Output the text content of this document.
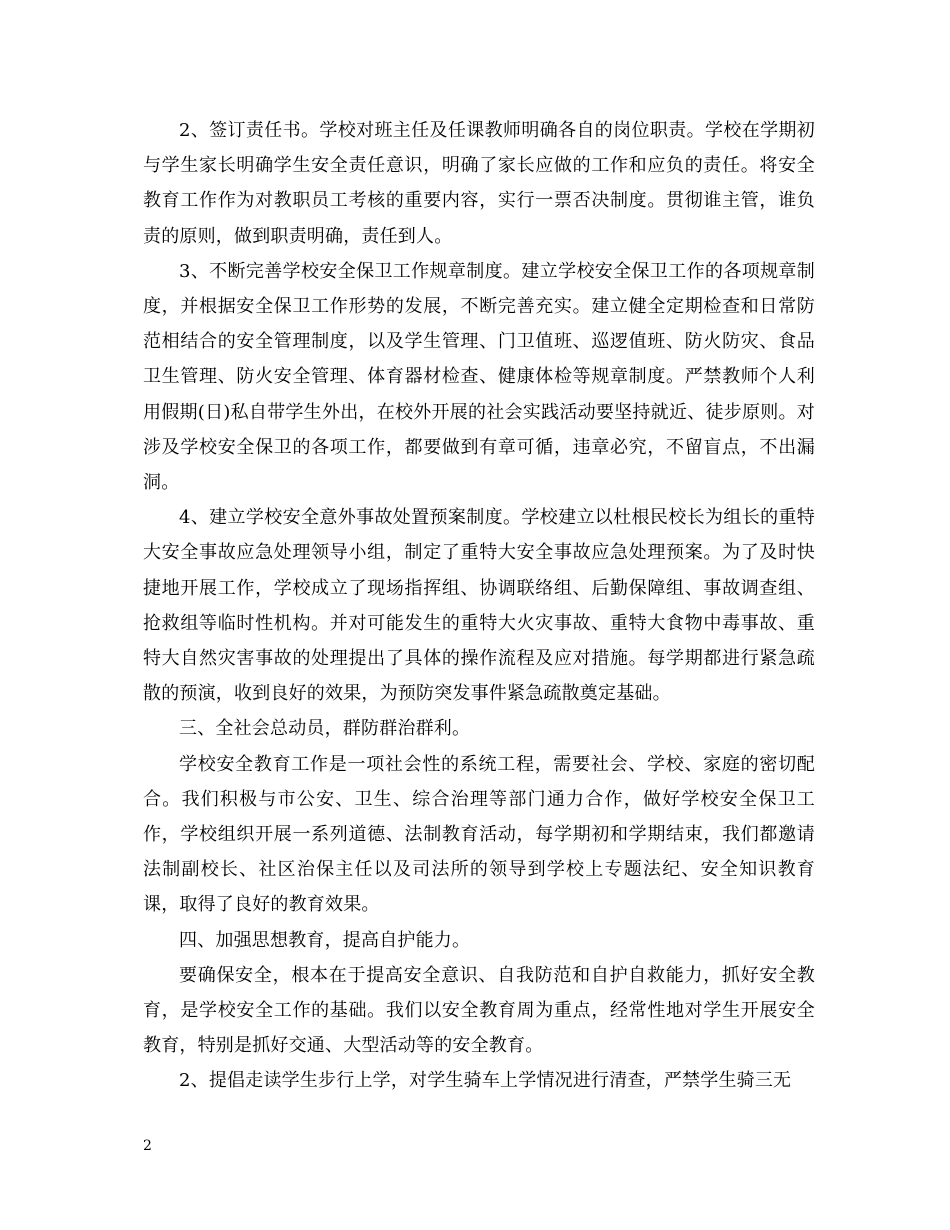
2、签订责任书。学校对班主任及任课教师明确各自的岗位职责。学校在学期初与学生家长明确学生安全责任意识，明确了家长应做的工作和应负的责任。将安全教育工作作为对教职员工考核的重要内容，实行一票否决制度。贯彻谁主管，谁负责的原则，做到职责明确，责任到人。

3、不断完善学校安全保卫工作规章制度。建立学校安全保卫工作的各项规章制度，并根据安全保卫工作形势的发展，不断完善充实。建立健全定期检查和日常防范相结合的安全管理制度，以及学生管理、门卫值班、巡逻值班、防火防灾、食品卫生管理、防火安全管理、体育器材检查、健康体检等规章制度。严禁教师个人利用假期(日)私自带学生外出，在校外开展的社会实践活动要坚持就近、徒步原则。对涉及学校安全保卫的各项工作，都要做到有章可循，违章必究，不留盲点，不出漏洞。

4、建立学校安全意外事故处置预案制度。学校建立以杜根民校长为组长的重特大安全事故应急处理领导小组，制定了重特大安全事故应急处理预案。为了及时快捷地开展工作，学校成立了现场指挥组、协调联络组、后勤保障组、事故调查组、抢救组等临时性机构。并对可能发生的重特大火灾事故、重特大食物中毒事故、重特大自然灾害事故的处理提出了具体的操作流程及应对措施。每学期都进行紧急疏散的预演，收到良好的效果，为预防突发事件紧急疏散奠定基础。

三、全社会总动员，群防群治群利。

学校安全教育工作是一项社会性的系统工程，需要社会、学校、家庭的密切配合。我们积极与市公安、卫生、综合治理等部门通力合作，做好学校安全保卫工作，学校组织开展一系列道德、法制教育活动，每学期初和学期结束，我们都邀请法制副校长、社区治保主任以及司法所的领导到学校上专题法纪、安全知识教育课，取得了良好的教育效果。

四、加强思想教育，提高自护能力。

要确保安全，根本在于提高安全意识、自我防范和自护自救能力，抓好安全教育，是学校安全工作的基础。我们以安全教育周为重点，经常性地对学生开展安全教育，特别是抓好交通、大型活动等的安全教育。

2、提倡走读学生步行上学，对学生骑车上学情况进行清查，严禁学生骑三无

2
